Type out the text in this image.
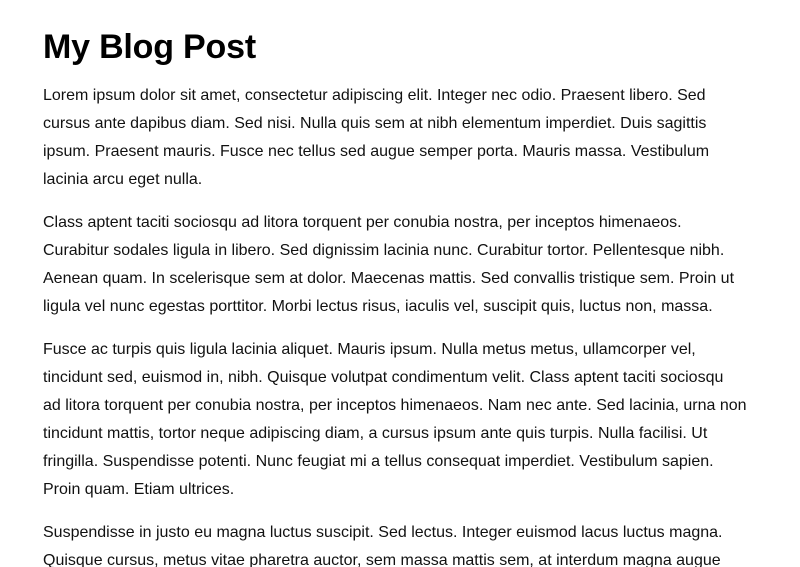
My Blog Post

Lorem ipsum dolor sit amet, consectetur adipiscing elit. Integer nec odio. Praesent libero. Sed
cursus ante dapibus diam. Sed nisi. Nulla quis sem at nibh elementum imperdiet. Duis sagittis
ipsum. Praesent mauris. Fusce nec tellus sed augue semper porta. Mauris massa. Vestibulum
lacinia arcu eget nulla.

Class aptent taciti sociosqu ad litora torquent per conubia nostra, per inceptos himenaeos.
Curabitur sodales ligula in libero. Sed dignissim lacinia nunc. Curabitur tortor. Pellentesque nibh.
Aenean quam. In scelerisque sem at dolor. Maecenas mattis. Sed convallis tristique sem. Proin ut
ligula vel nunc egestas porttitor. Morbi lectus risus, iaculis vel, suscipit quis, luctus non, massa.

Fusce ac turpis quis ligula lacinia aliquet. Mauris ipsum. Nulla metus metus, ullamcorper vel,
tincidunt sed, euismod in, nibh. Quisque volutpat condimentum velit. Class aptent taciti sociosqu
ad litora torquent per conubia nostra, per inceptos himenaeos. Nam nec ante. Sed lacinia, urna non
tincidunt mattis, tortor neque adipiscing diam, a cursus ipsum ante quis turpis. Nulla facilisi. Ut
fringilla. Suspendisse potenti. Nunc feugiat mi a tellus consequat imperdiet. Vestibulum sapien.
Proin quam. Etiam ultrices.

Suspendisse in justo eu magna luctus suscipit. Sed lectus. Integer euismod lacus luctus magna.
Quisque cursus, metus vitae pharetra auctor, sem massa mattis sem, at interdum magna augue
